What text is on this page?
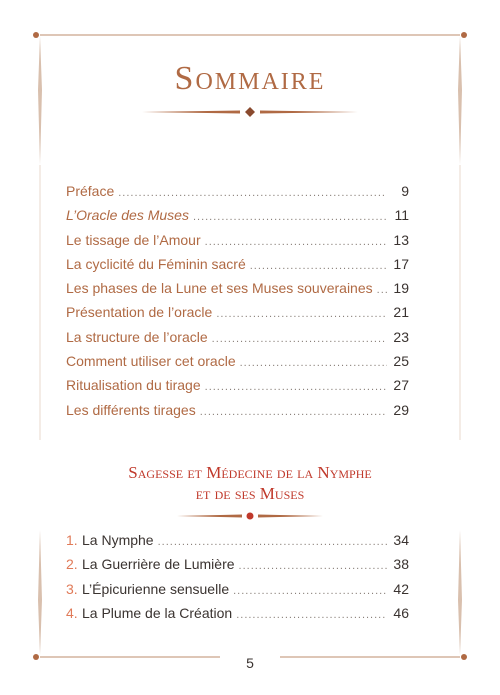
Sommaire
Préface .....	9
L’Oracle des Muses .....	11
Le tissage de l’Amour .....	13
La cyclicité du Féminin sacré .....	17
Les phases de la Lune et ses Muses souveraines ..... 19
Présentation de l’oracle .....	21
La structure de l’oracle .....	23
Comment utiliser cet oracle .....	25
Ritualisation du tirage .....	27
Les différents tirages .....	29
Sagesse et Médecine de la Nymphe
et de ses Muses
1. La Nymphe .....	34
2. La Guerrière de Lumière .....	38
3. L’Épicurienne sensuelle .....	42
4. La Plume de la Création .....	46
5
